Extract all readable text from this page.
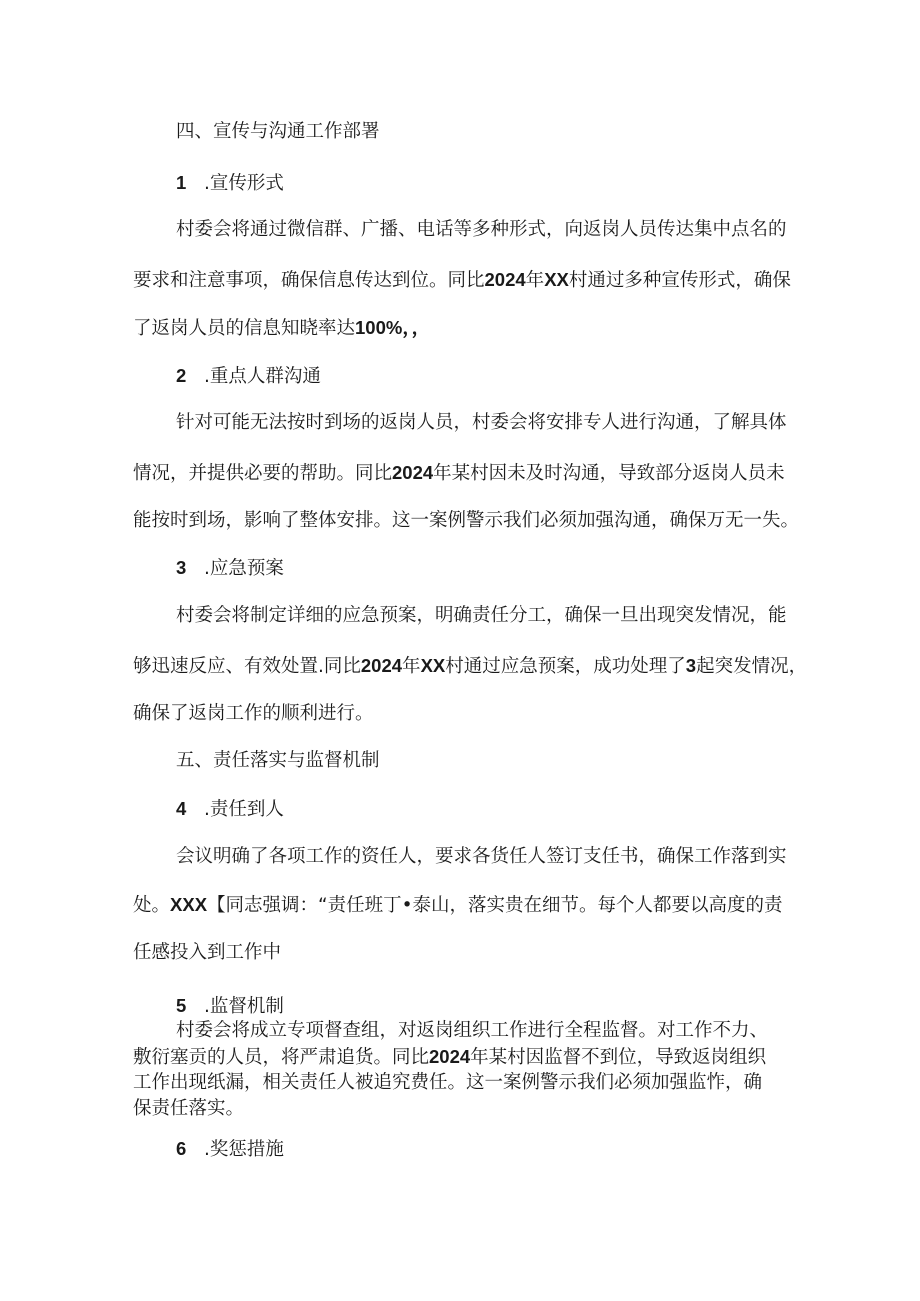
四、宣传与沟通工作部署
1 .宣传形式
村委会将通过微信群、广播、电话等多种形式，向返岗人员传达集中点名的
要求和注意事项，确保信息传达到位。同比2024年XX村通过多种宣传形式，确保
了返岗人员的信息知晓率达100%，，
2 .重点人群沟通
针对可能无法按时到场的返岗人员，村委会将安排专人进行沟通，了解具体
情况，并提供必要的帮助。同比2024年某村因未及时沟通，导致部分返岗人员未
能按时到场，影响了整体安排。这一案例警示我们必须加强沟通，确保万无一失。
3 .应急预案
村委会将制定详细的应急预案，明确责任分工，确保一旦出现突发情况，能
够迅速反应、有效处置.同比2024年XX村通过应急预案，成功处理了3起突发情况，
确保了返岗工作的顺利进行。
五、责任落实与监督机制
4 .责任到人
会议明确了各项工作的资任人，要求各货任人签订支任书，确保工作落到实
处。XXX【同志强调：“责任班丁•泰山，落实贵在细节。每个人都要以高度的责
任感投入到工作中
5 .监督机制
村委会将成立专项督查组，对返岗组织工作进行全程监督。对工作不力、
敷衍塞贡的人员，将严肃追货。同比2024年某村因监督不到位，导致返岗组织
工作出现纸漏，相关责任人被追究费任。这一案例警示我们必须加强监怍，确
保责任落实。
6 .奖惩措施
